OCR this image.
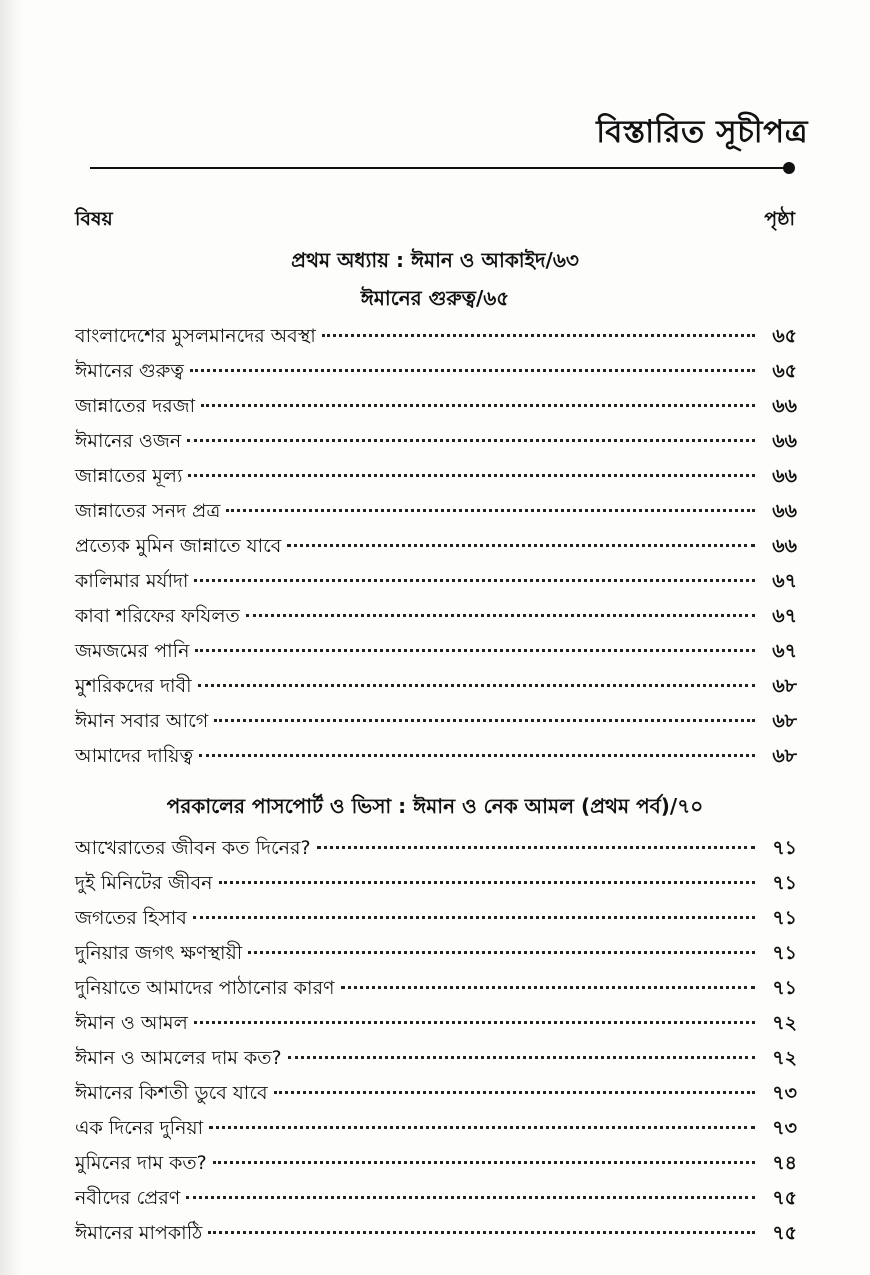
বিস্তারিত সূচীপত্র
বিষয়	পৃষ্ঠা
প্রথম অধ্যায় : ঈমান ও আকাইদ/৬৩
ঈমানের গুরুত্ব/৬৫
বাংলাদেশের মুসলমানদের অবস্থা	৬৫
ঈমানের গুরুত্ব	৬৫
জান্নাতের দরজা	৬৬
ঈমানের ওজন	৬৬
জান্নাতের মূল্য	৬৬
জান্নাতের সনদ প্রত্র	৬৬
প্রত্যেক মুমিন জান্নাতে যাবে	৬৬
কালিমার মর্যাদা	৬৭
কাবা শরিফের ফযিলত	৬৭
জমজমের পানি	৬৭
মুশরিকদের দাবী	৬৮
ঈমান সবার আগে	৬৮
আমাদের দায়িত্ব	৬৮
পরকালের পাসপোর্ট ও ভিসা : ঈমান ও নেক আমল (প্রথম পর্ব)/৭০
আখেরাতের জীবন কত দিনের?	৭১
দুই মিনিটের জীবন	৭১
জগতের হিসাব	৭১
দুনিয়ার জগৎ ক্ষণস্থায়ী	৭১
দুনিয়াতে আমাদের পাঠানোর কারণ	৭১
ঈমান ও আমল	৭২
ঈমান ও আমলের দাম কত?	৭২
ঈমানের কিশতী ডুবে যাবে	৭৩
এক দিনের দুনিয়া	৭৩
মুমিনের দাম কত?	৭৪
নবীদের প্রেরণ	৭৫
ঈমানের মাপকাঠি	৭৫
